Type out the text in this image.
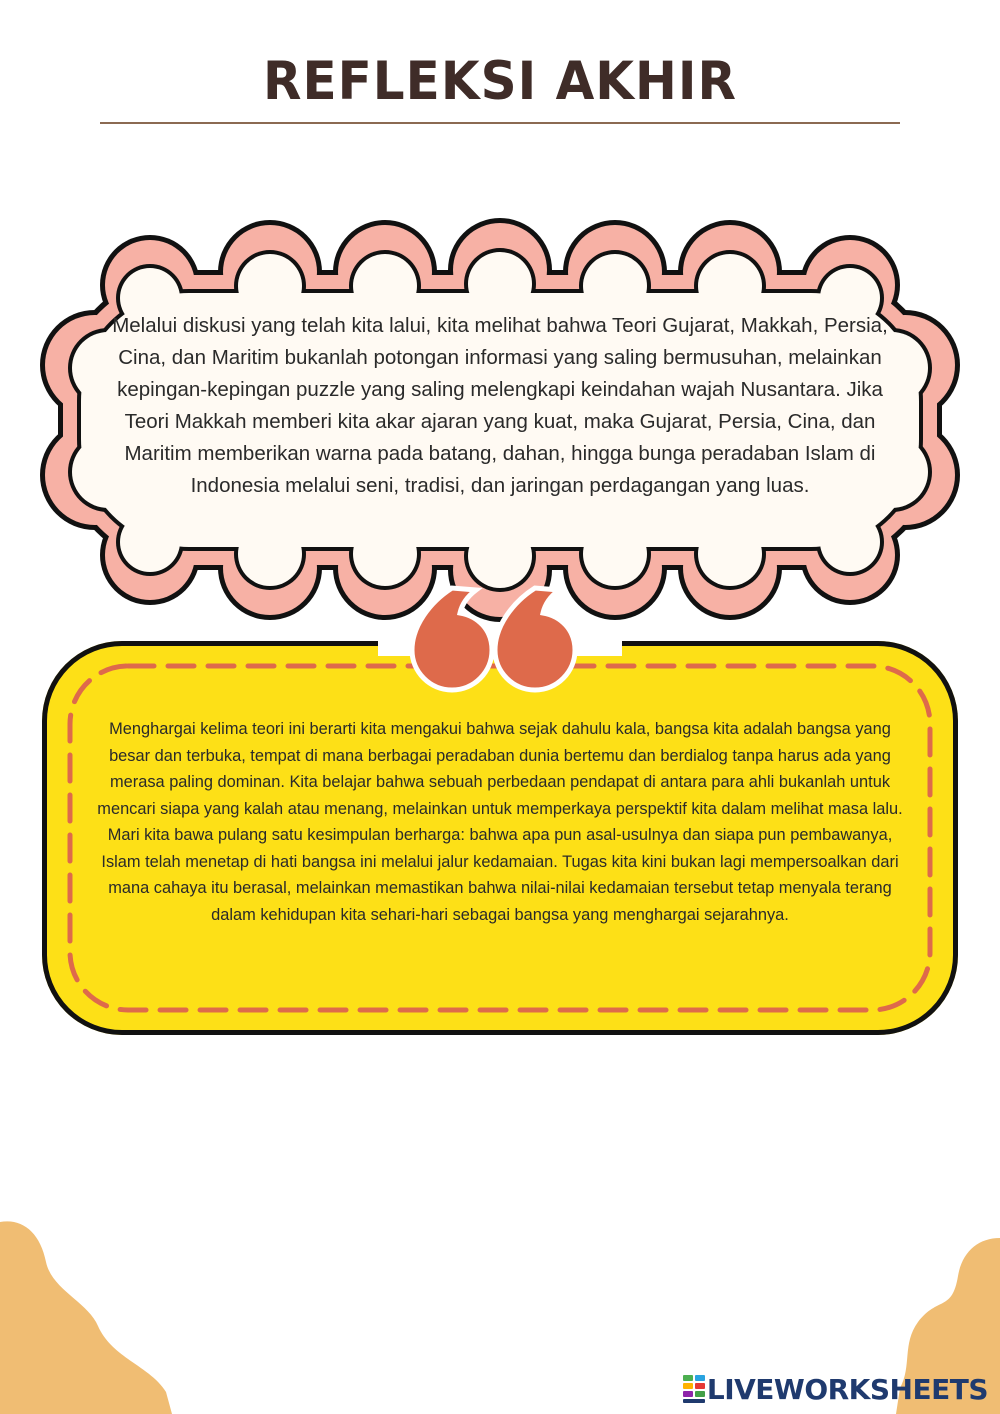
REFLEKSI AKHIR
Melalui diskusi yang telah kita lalui, kita melihat bahwa Teori Gujarat, Makkah, Persia, Cina, dan Maritim bukanlah potongan informasi yang saling bermusuhan, melainkan kepingan-kepingan puzzle yang saling melengkapi keindahan wajah Nusantara. Jika Teori Makkah memberi kita akar ajaran yang kuat, maka Gujarat, Persia, Cina, dan Maritim memberikan warna pada batang, dahan, hingga bunga peradaban Islam di Indonesia melalui seni, tradisi, dan jaringan perdagangan yang luas.
Menghargai kelima teori ini berarti kita mengakui bahwa sejak dahulu kala, bangsa kita adalah bangsa yang besar dan terbuka, tempat di mana berbagai peradaban dunia bertemu dan berdialog tanpa harus ada yang merasa paling dominan. Kita belajar bahwa sebuah perbedaan pendapat di antara para ahli bukanlah untuk mencari siapa yang kalah atau menang, melainkan untuk memperkaya perspektif kita dalam melihat masa lalu. Mari kita bawa pulang satu kesimpulan berharga: bahwa apa pun asal-usulnya dan siapa pun pembawanya, Islam telah menetap di hati bangsa ini melalui jalur kedamaian. Tugas kita kini bukan lagi mempersoalkan dari mana cahaya itu berasal, melainkan memastikan bahwa nilai-nilai kedamaian tersebut tetap menyala terang dalam kehidupan kita sehari-hari sebagai bangsa yang menghargai sejarahnya.
LIVEWORKSHEETS
